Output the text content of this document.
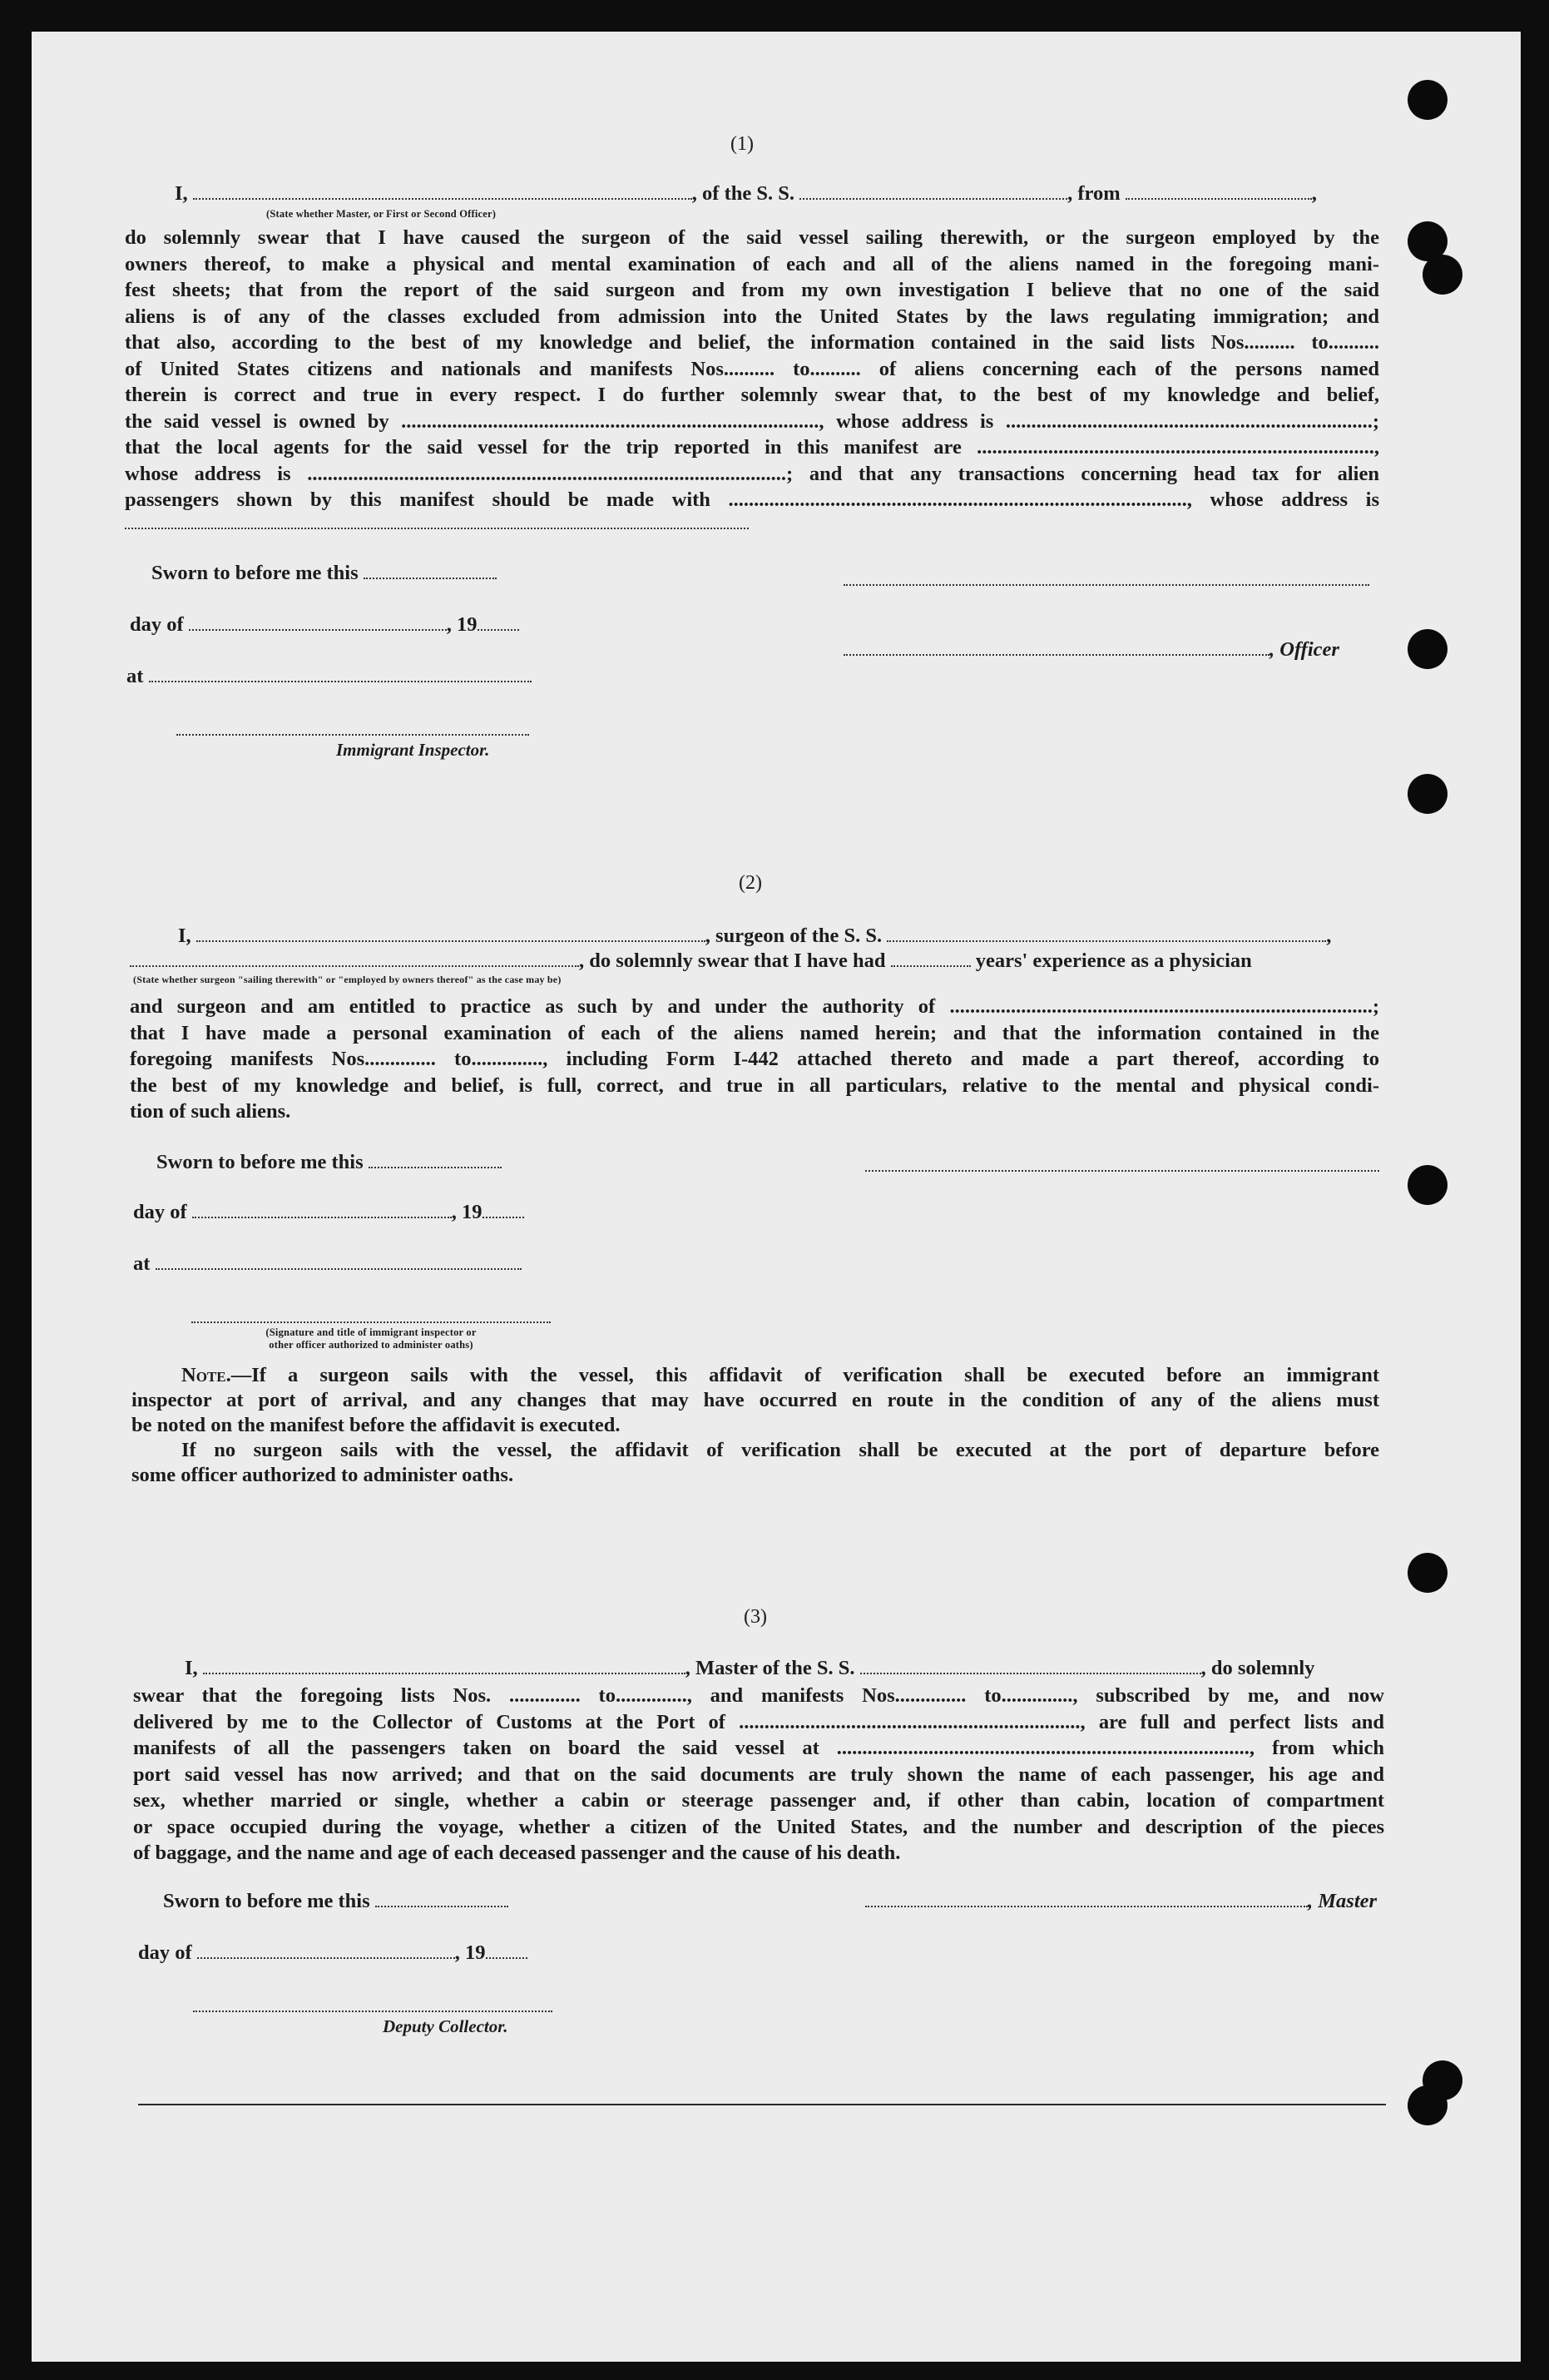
(1)
I,	, of the S. S.	, from	,
(State whether Master, or First or Second Officer)
do solemnly swear that I have caused the surgeon of the said vessel sailing therewith, or the surgeon employed by the
owners thereof, to make a physical and mental examination of each and all of the aliens named in the foregoing mani-
fest sheets; that from the report of the said surgeon and from my own investigation I believe that no one of the said
aliens is of any of the classes excluded from admission into the United States by the laws regulating immigration; and
that also, according to the best of my knowledge and belief, the information contained in the said lists Nos.......... to..........
of United States citizens and nationals and manifests Nos.......... to.......... of aliens concerning each of the persons named
therein is correct and true in every respect. I do further solemnly swear that, to the best of my knowledge and belief,
the said vessel is owned by .................................................................................., whose address is ........................................................................;
that the local agents for the said vessel for the trip reported in this manifest are ..............................................................................,
whose address is ..............................................................................................; and that any transactions concerning head tax for alien
passengers shown by this manifest should be made with .........................................................................................., whose address is
Sworn to before me this
day of	, 19
, Officer
at
Immigrant Inspector.
(2)
I,	, surgeon of the S. S.	,
, do solemnly swear that I have had	years' experience as a physician
(State whether surgeon "sailing therewith" or "employed by owners thereof" as the case may be)
and surgeon and am entitled to practice as such by and under the authority of ...................................................................................;
that I have made a personal examination of each of the aliens named herein; and that the information contained in the
foregoing manifests Nos.............. to.............., including Form I-442 attached thereto and made a part thereof, according to
the best of my knowledge and belief, is full, correct, and true in all particulars, relative to the mental and physical condi-
tion of such aliens.
Sworn to before me this
day of	, 19
at
(Signature and title of immigrant inspector or
other officer authorized to administer oaths)
Note.—If a surgeon sails with the vessel, this affidavit of verification shall be executed before an immigrant
inspector at port of arrival, and any changes that may have occurred en route in the condition of any of the aliens must
be noted on the manifest before the affidavit is executed.
If no surgeon sails with the vessel, the affidavit of verification shall be executed at the port of departure before
some officer authorized to administer oaths.
(3)
I,	, Master of the S. S.	, do solemnly
swear that the foregoing lists Nos. .............. to.............., and manifests Nos.............. to.............., subscribed by me, and now
delivered by me to the Collector of Customs at the Port of ..................................................................., are full and perfect lists and
manifests of all the passengers taken on board the said vessel at ................................................................................., from which
port said vessel has now arrived; and that on the said documents are truly shown the name of each passenger, his age and
sex, whether married or single, whether a cabin or steerage passenger and, if other than cabin, location of compartment
or space occupied during the voyage, whether a citizen of the United States, and the number and description of the pieces
of baggage, and the name and age of each deceased passenger and the cause of his death.
Sworn to before me this	, Master
day of	, 19
Deputy Collector.
